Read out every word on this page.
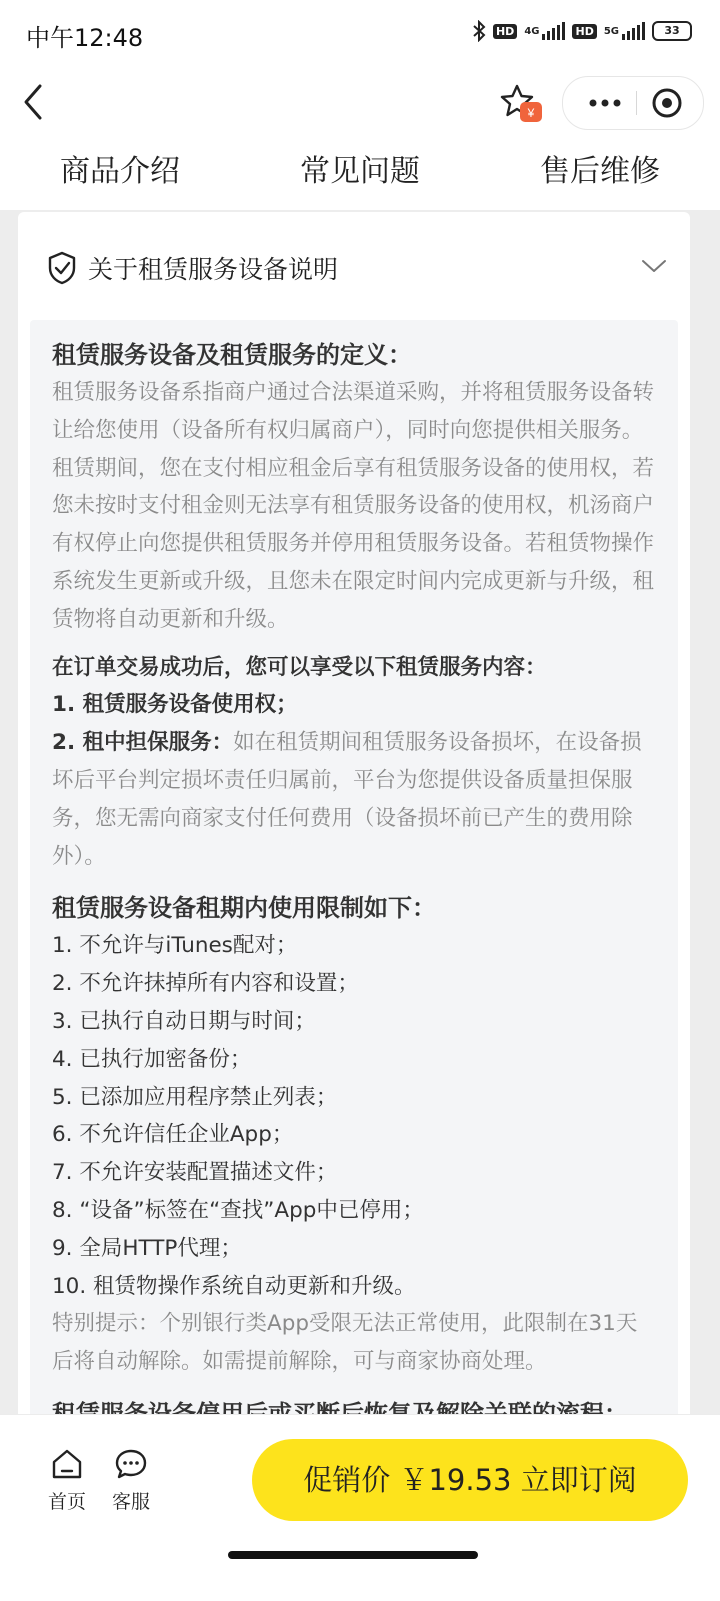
中午12:48	HD	4G	HD	5G	33
¥
商品介绍	常见问题	售后维修
关于租赁服务设备说明
租赁服务设备及租赁服务的定义：
租赁服务设备系指商户通过合法渠道采购，并将租赁服务设备转让给您使用（设备所有权归属商户），同时向您提供相关服务。租赁期间，您在支付相应租金后享有租赁服务设备的使用权，若您未按时支付租金则无法享有租赁服务设备的使用权，机汤商户有权停止向您提供租赁服务并停用租赁服务设备。若租赁物操作系统发生更新或升级，且您未在限定时间内完成更新与升级，租赁物将自动更新和升级。
在订单交易成功后，您可以享受以下租赁服务内容：
1. 租赁服务设备使用权；
2. 租中担保服务：如在租赁期间租赁服务设备损坏，在设备损坏后平台判定损坏责任归属前，平台为您提供设备质量担保服务，您无需向商家支付任何费用（设备损坏前已产生的费用除外）。
租赁服务设备租期内使用限制如下：
1. 不允许与iTunes配对；
2. 不允许抹掉所有内容和设置；
3. 已执行自动日期与时间；
4. 已执行加密备份；
5. 已添加应用程序禁止列表；
6. 不允许信任企业App；
7. 不允许安装配置描述文件；
8. “设备”标签在“查找”App中已停用；
9. 全局HTTP代理；
10. 租赁物操作系统自动更新和升级。
特别提示：个别银行类App受限无法正常使用，此限制在31天后将自动解除。如需提前解除，可与商家协商处理。
首页	客服
促销价 ￥19.53 立即订阅
